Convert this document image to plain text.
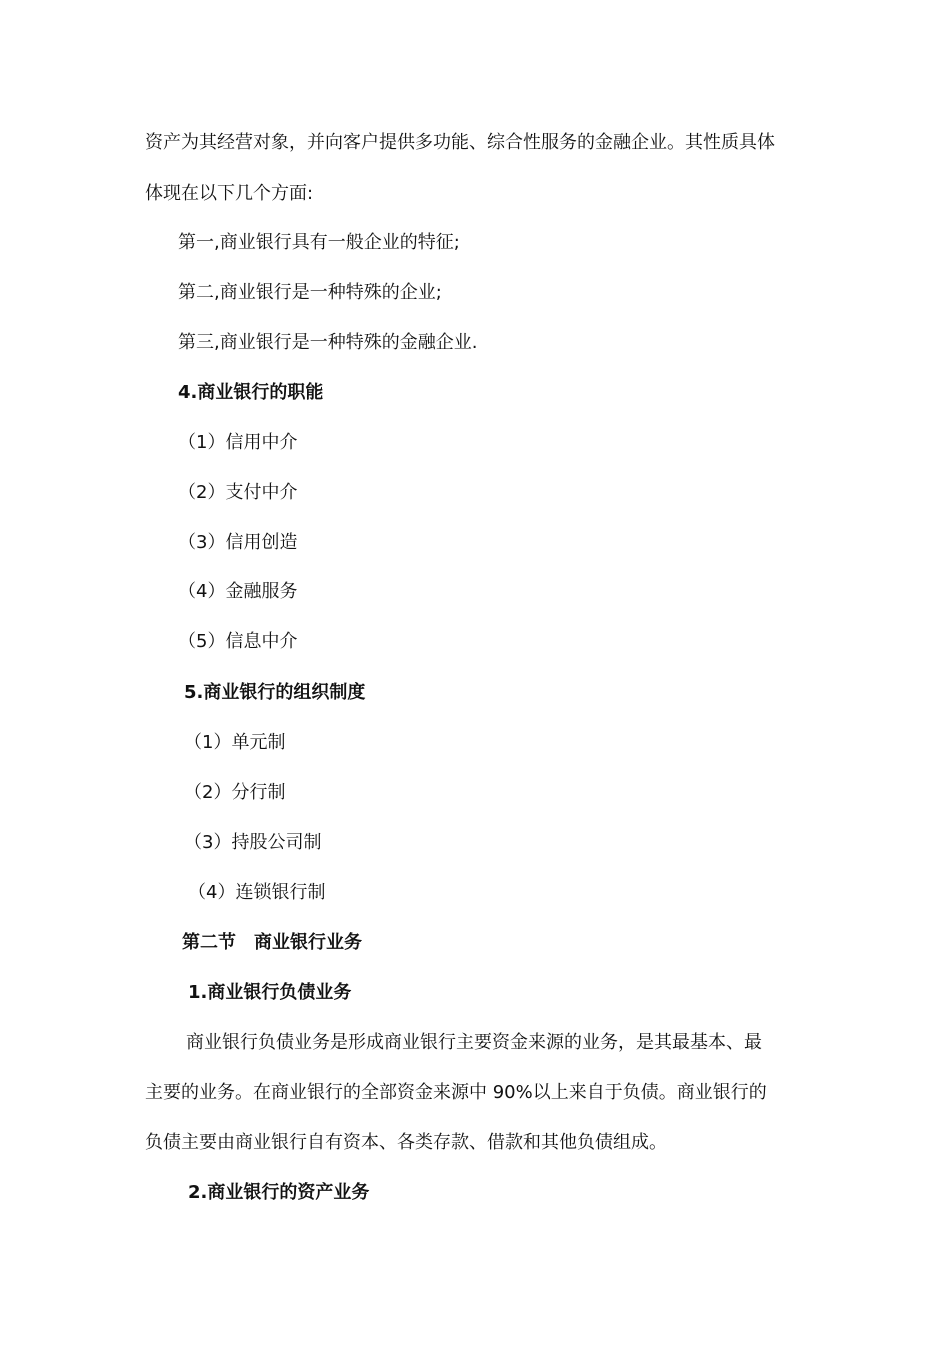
资产为其经营对象，并向客户提供多功能、综合性服务的金融企业。其性质具体

体现在以下几个方面:

第一,商业银行具有一般企业的特征;

第二,商业银行是一种特殊的企业;

第三,商业银行是一种特殊的金融企业.

4.商业银行的职能

（1）信用中介

（2）支付中介

（3）信用创造

（4）金融服务

（5）信息中介

5.商业银行的组织制度

（1）单元制

（2）分行制

（3）持股公司制

（4）连锁银行制

第二节　商业银行业务

1.商业银行负债业务

商业银行负债业务是形成商业银行主要资金来源的业务，是其最基本、最

主要的业务。在商业银行的全部资金来源中 90%以上来自于负债。商业银行的

负债主要由商业银行自有资本、各类存款、借款和其他负债组成。

2.商业银行的资产业务
